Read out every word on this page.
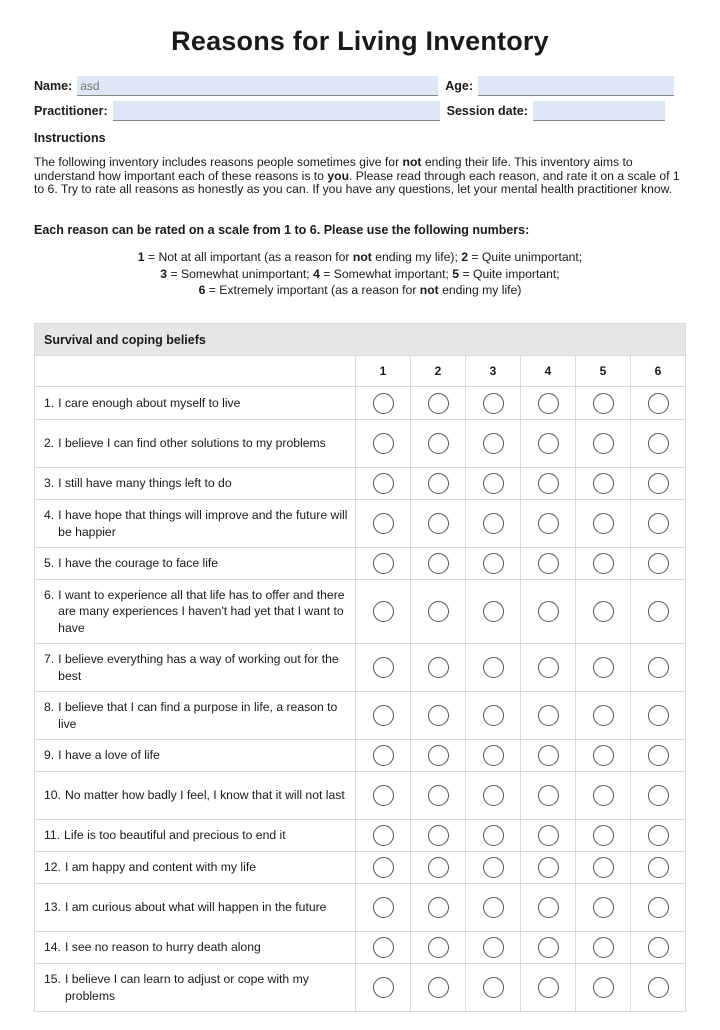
Reasons for Living Inventory
Name:
asd	Age:
Practitioner:	Session date:
Instructions
The following inventory includes reasons people sometimes give for not ending their life. This inventory aims to understand how important each of these reasons is to you. Please read through each reason, and rate it on a scale of 1 to 6. Try to rate all reasons as honestly as you can. If you have any questions, let your mental health practitioner know.
Each reason can be rated on a scale from 1 to 6. Please use the following numbers:
1 = Not at all important (as a reason for not ending my life); 2 = Quite unimportant;
3 = Somewhat unimportant; 4 = Somewhat important; 5 = Quite important;
6 = Extremely important (as a reason for not ending my life)
Survival and coping beliefs						
	1	2	3	4	5	6

1. I care enough about myself to live						

2. I believe I can find other solutions to my problems						

3. I still have many things left to do						

4. I have hope that things will improve and the future will be happier						

5. I have the courage to face life						

6. I want to experience all that life has to offer and there are many experiences I haven't had yet that I want to have						

7. I believe everything has a way of working out for the best						

8. I believe that I can find a purpose in life, a reason to live						

9. I have a love of life						

10. No matter how badly I feel, I know that it will not last						

11. Life is too beautiful and precious to end it						

12. I am happy and content with my life						

13. I am curious about what will happen in the future						

14. I see no reason to hurry death along						

15. I believe I can learn to adjust or cope with my problems						
